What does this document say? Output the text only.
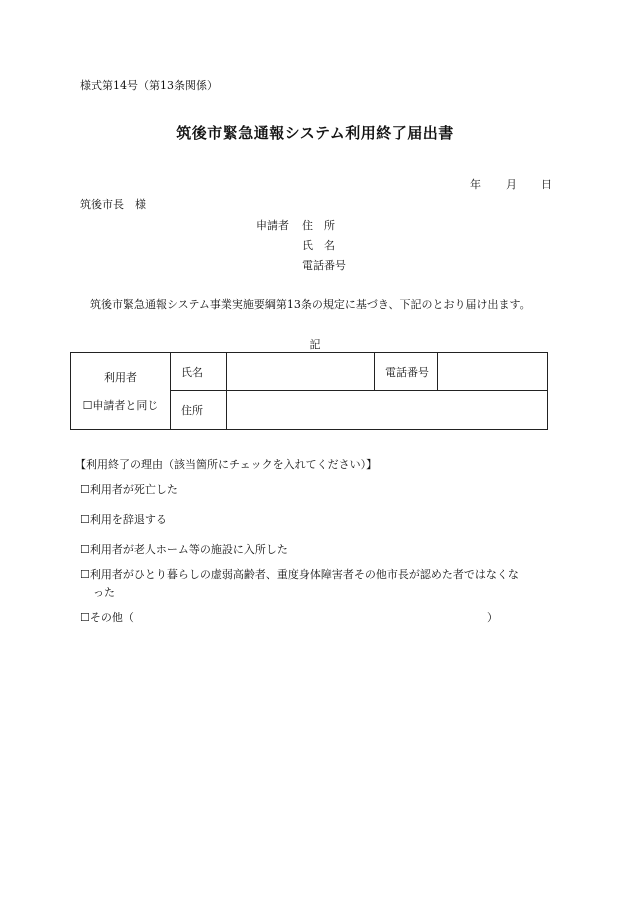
様式第14号（第13条関係）
筑後市緊急通報システム利用終了届出書
年 月 日
筑後市長　様
申請者 住　所
氏　名
電話番号
筑後市緊急通報システム事業実施要綱第13条の規定に基づき、下記のとおり届け出ます。
記
利用者
☐申請者と同じ	氏名		電話番号	
	住所			
【利用終了の理由（該当箇所にチェックを入れてください）】
☐利用者が死亡した
☐利用を辞退する
☐利用者が老人ホーム等の施設に入所した
☐利用者がひとり暮らしの虚弱高齢者、重度身体障害者その他市長が認めた者ではなくな
った
☐その他（	）
